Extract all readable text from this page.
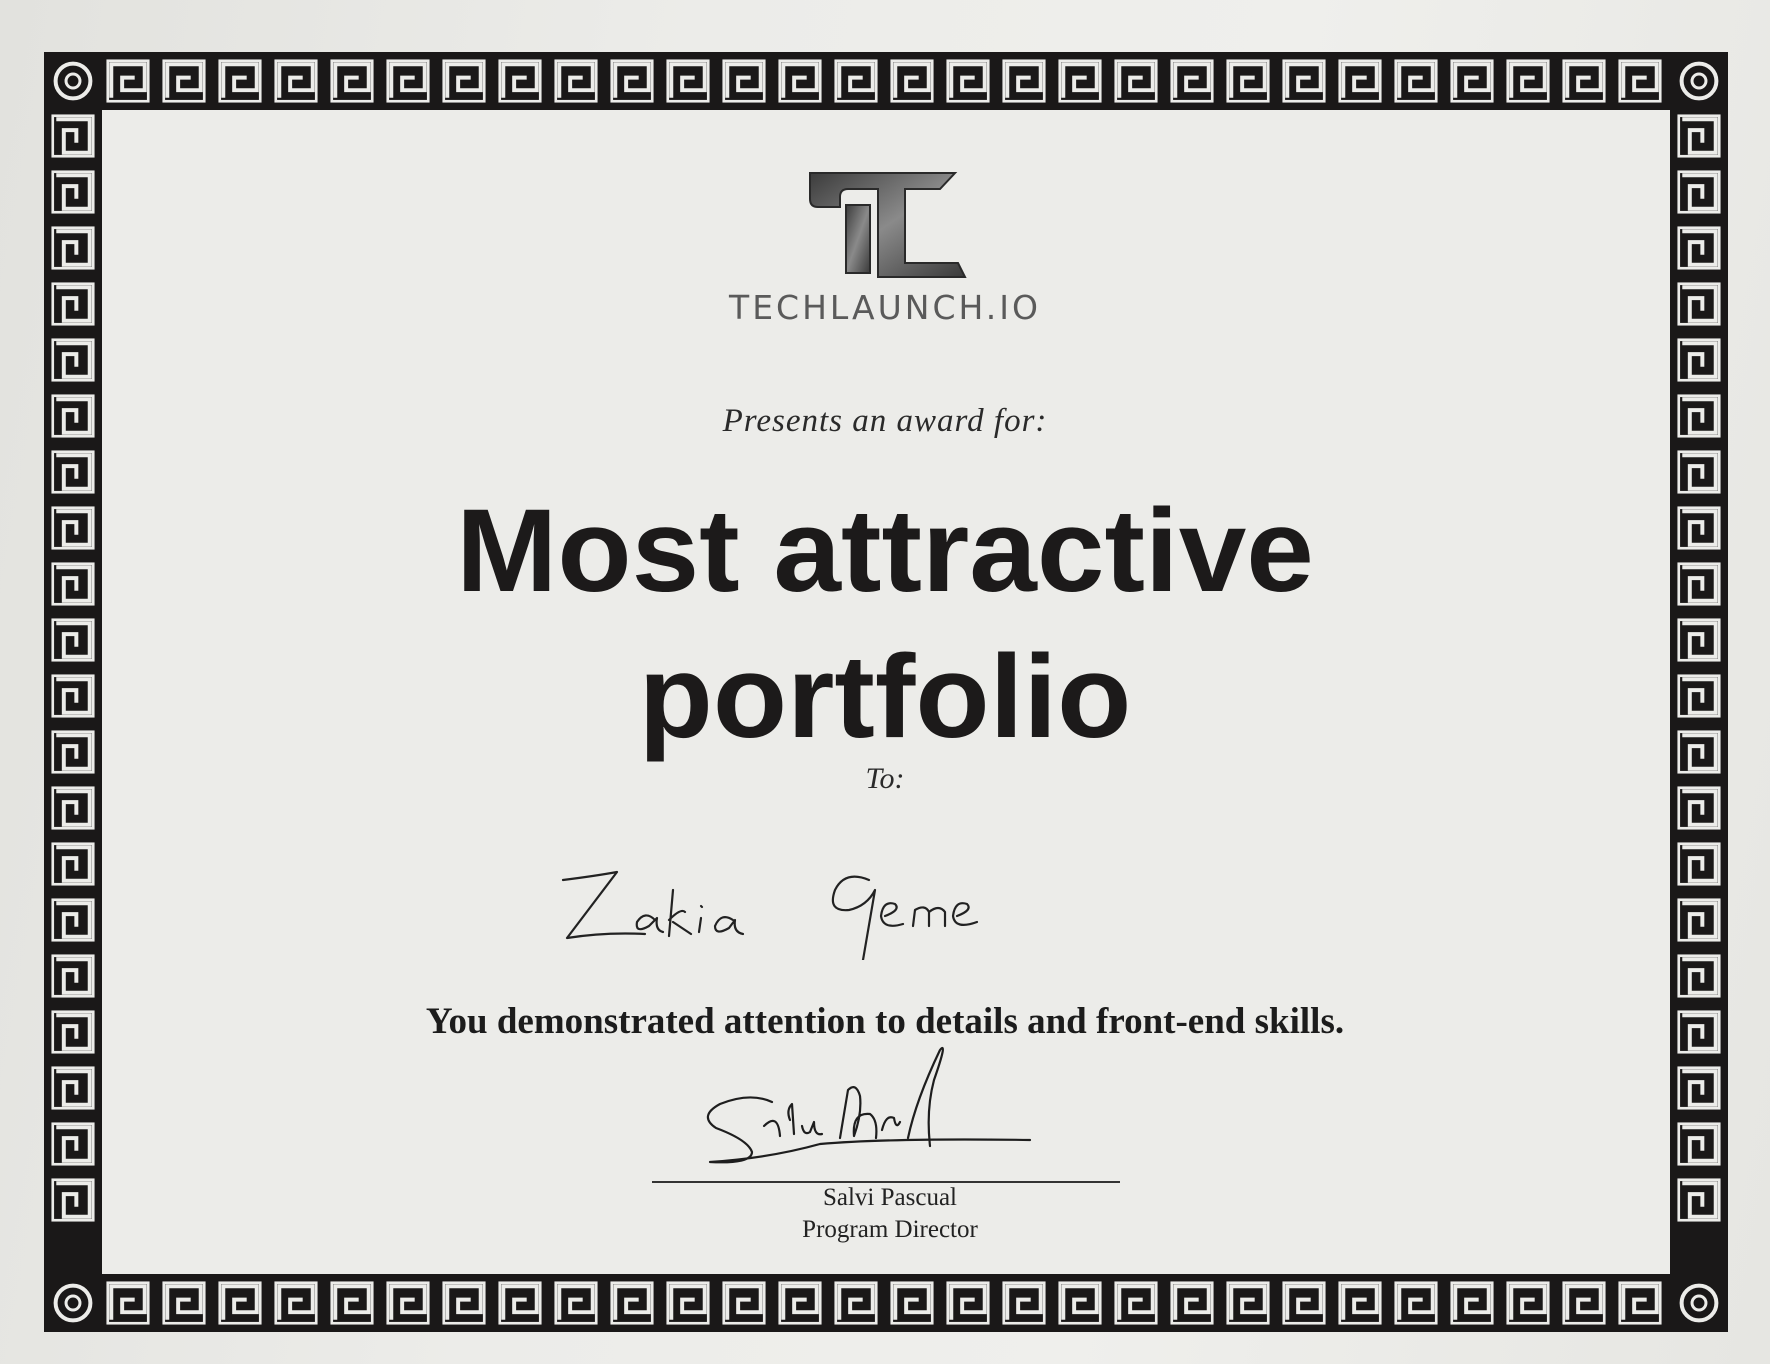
TECHLAUNCH.IO
Presents an award for:
Most attractive
portfolio
To:
You demonstrated attention to details and front-end skills.
Salvi Pascual
Program Director
